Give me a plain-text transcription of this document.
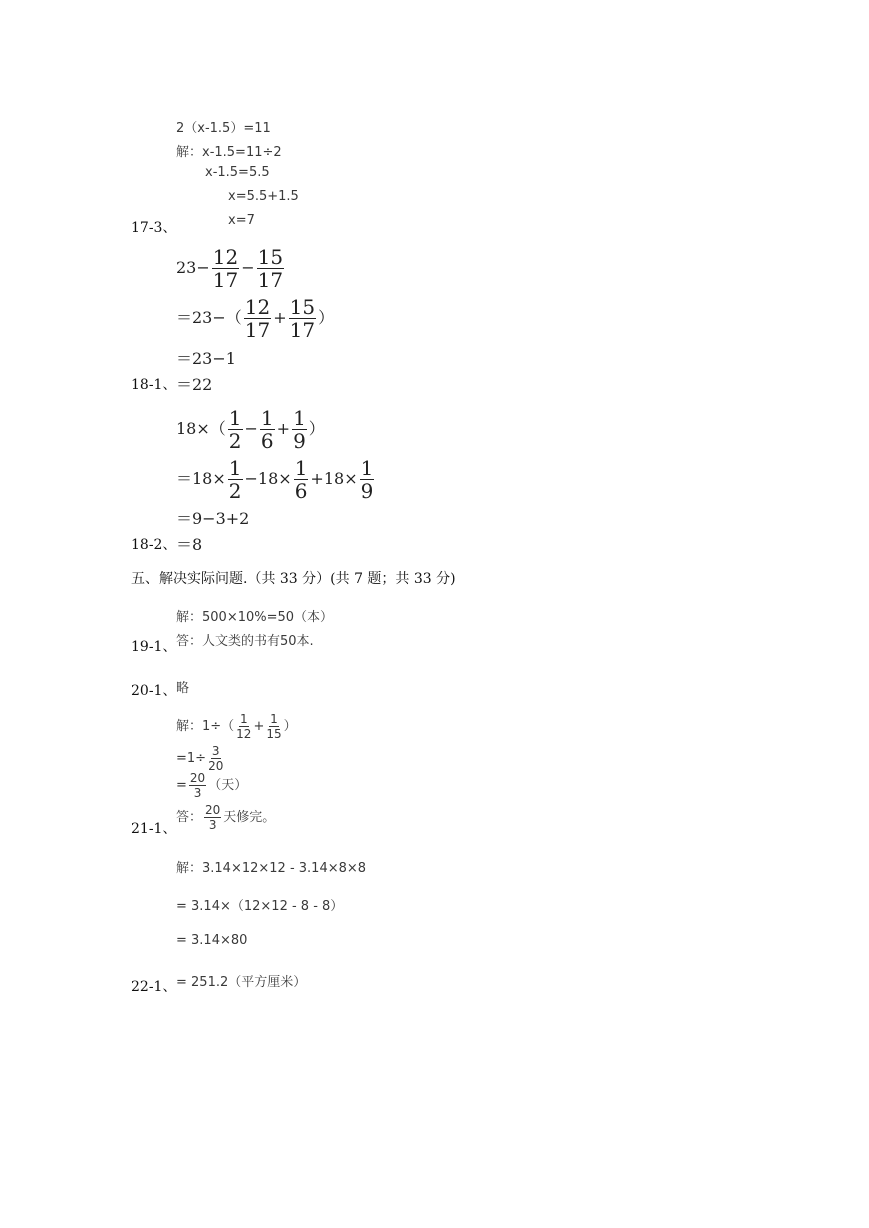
2（x-1.5）=11
解：x-1.5=11÷2
x-1.5=5.5
x=5.5+1.5
x=7
17-3、
$23- \frac{12}{17} - \frac{15}{17}$
$=23-( \frac{12}{17} + \frac{15}{17}$ ）
＝23−1
18-1、 ＝22
$18\times( \frac{1}{2} - \frac{1}{6} + \frac{1}{9}$ ）
$=18\times \frac{1}{2} -18\times \frac{1}{6} +18\times \frac{1}{9}$
＝9−3+2
18-2、 ＝8
五、解决实际问题.（共 33 分）(共 7 题；共 33 分)
解：500×10%=50（本）
答：人文类的书有50本.
19-1、
20-1、 略
解：$1\div( \frac{1}{12} + \frac{1}{15}$ ）
$=1\div \frac{3}{20}$
= $\frac{20}{3}$ （天）
答： $\frac{20}{3}$ 天修完。
21-1、
解：3.14×12×12 - 3.14×8×8
= 3.14×（12×12 - 8 - 8）
= 3.14×80
= 251.2（平方厘米）
22-1、
